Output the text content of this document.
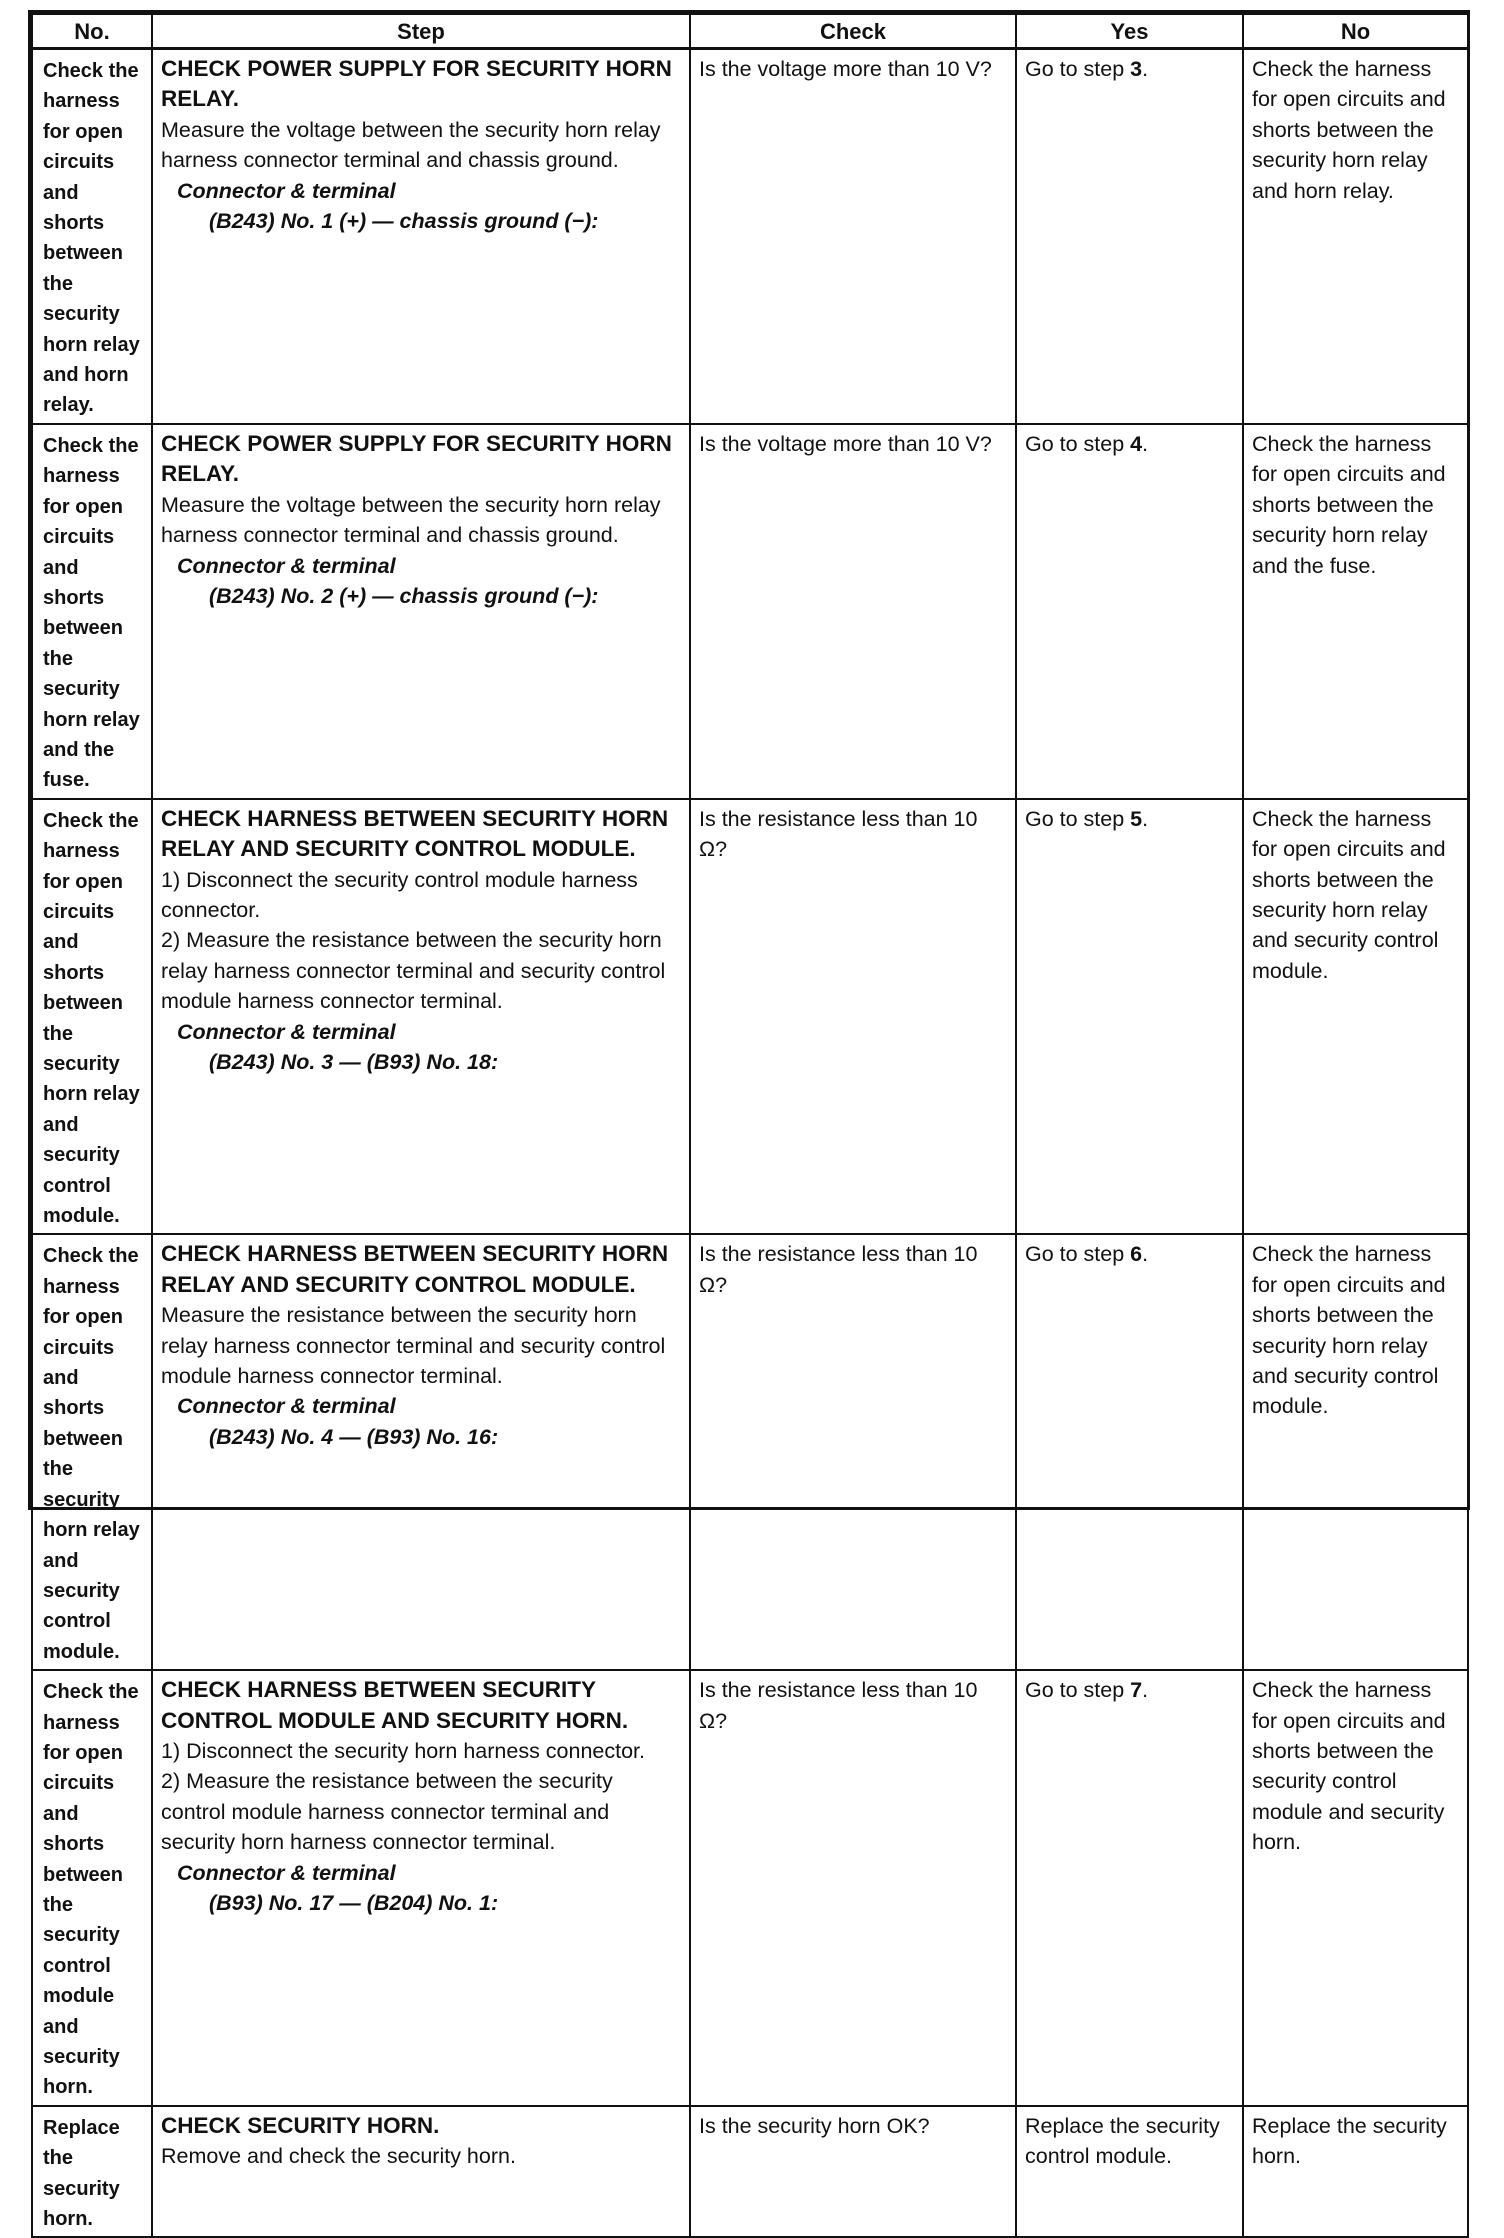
No.	Step	Check	Yes	No
Check the harness for open circuits and shorts between the security horn relay and horn relay.	CHECK POWER SUPPLY FOR SECURITY HORN RELAY.
Measure the voltage between the security horn relay harness connector terminal and chassis ground.
Connector & terminal
(B243) No. 1 (+) — chassis ground (−):	Is the voltage more than 10 V?	Go to step 3.	Check the harness for open circuits and shorts between the security horn relay and horn relay.
Check the harness for open circuits and shorts between the security horn relay and the fuse.	CHECK POWER SUPPLY FOR SECURITY HORN RELAY.
Measure the voltage between the security horn relay harness connector terminal and chassis ground.
Connector & terminal
(B243) No. 2 (+) — chassis ground (−):	Is the voltage more than 10 V?	Go to step 4.	Check the harness for open circuits and shorts between the security horn relay and the fuse.
Check the harness for open circuits and shorts between the security horn relay and security control module.	CHECK HARNESS BETWEEN SECURITY HORN RELAY AND SECURITY CONTROL MODULE.
1) Disconnect the security control module harness connector.
2) Measure the resistance between the security horn relay harness connector terminal and security control module harness connector terminal.
Connector & terminal
(B243) No. 3 — (B93) No. 18:	Is the resistance less than 10 Ω?	Go to step 5.	Check the harness for open circuits and shorts between the security horn relay and security control module.
Check the harness for open circuits and shorts between the security horn relay and security control module.	CHECK HARNESS BETWEEN SECURITY HORN RELAY AND SECURITY CONTROL MODULE.
Measure the resistance between the security horn relay harness connector terminal and security control module harness connector terminal.
Connector & terminal
(B243) No. 4 — (B93) No. 16:	Is the resistance less than 10 Ω?	Go to step 6.	Check the harness for open circuits and shorts between the security horn relay and security control module.
Check the harness for open circuits and shorts between the security control module and security horn.	CHECK HARNESS BETWEEN SECURITY CONTROL MODULE AND SECURITY HORN.
1) Disconnect the security horn harness connector.
2) Measure the resistance between the security control module harness connector terminal and security horn harness connector terminal.
Connector & terminal
(B93) No. 17 — (B204) No. 1:	Is the resistance less than 10 Ω?	Go to step 7.	Check the harness for open circuits and shorts between the security control module and security horn.
Replace the security horn.	CHECK SECURITY HORN.
Remove and check the security horn.	Is the security horn OK?	Replace the security control module.	Replace the security horn.
